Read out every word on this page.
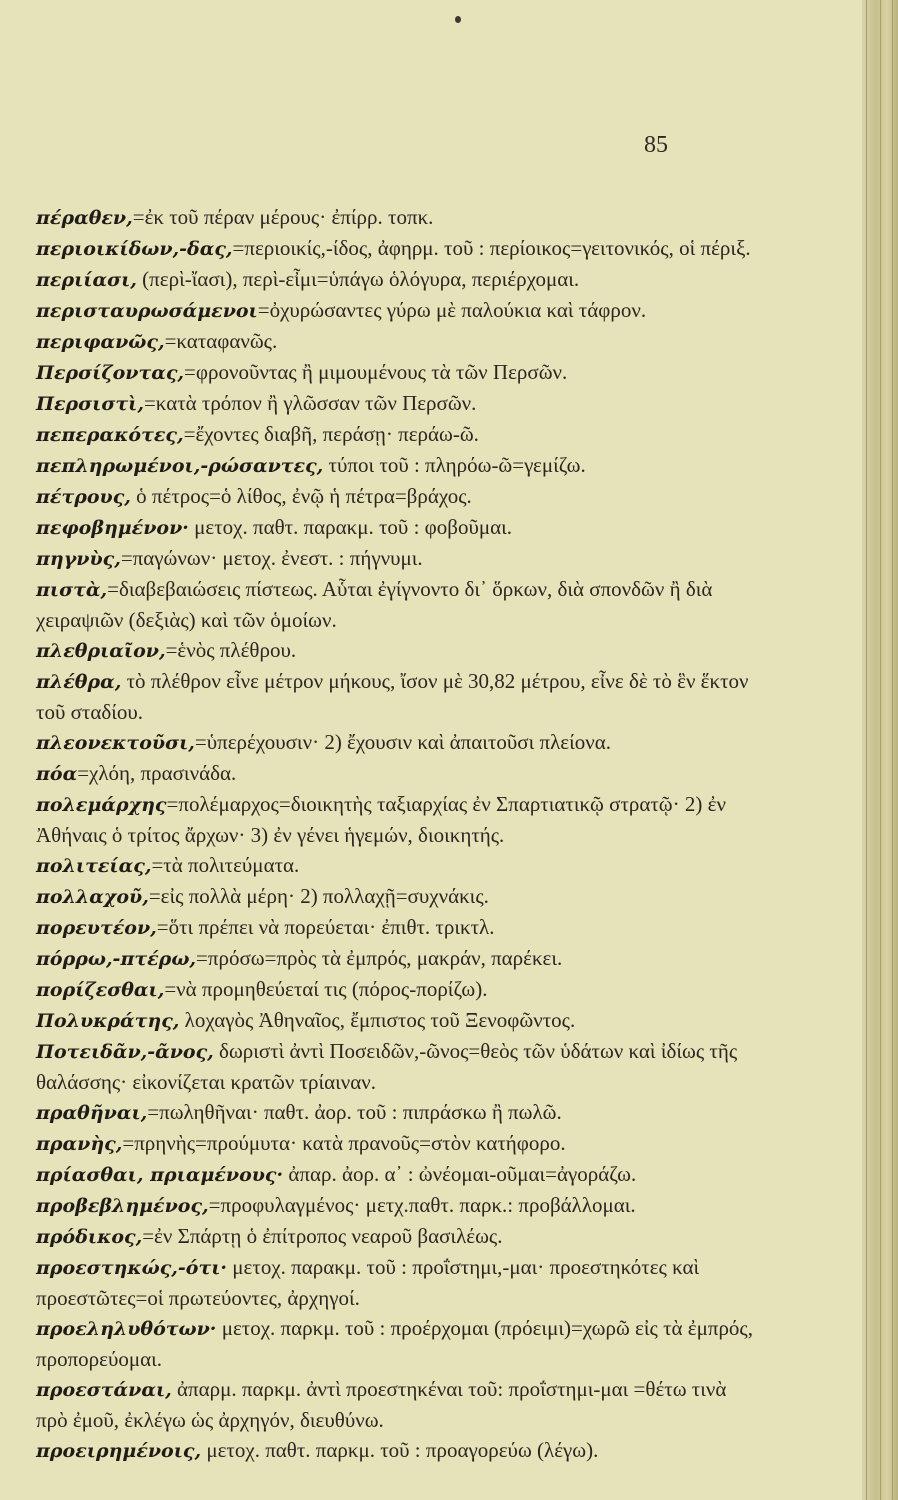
85

πέραθεν,=ἐκ τοῦ πέραν μέρους· ἐπίρρ. τοπκ.

περιοικίδων,-δας,=περιοικίς,-ίδος, ἀφηρμ. τοῦ : περίοικος=γειτονικός, οἱ πέριξ.

περιίασι, (περὶ-ἴασι), περὶ-εἶμι=ὑπάγω ὁλόγυρα, περιέρχομαι.

περισταυρωσάμενοι=ὀχυρώσαντες γύρω μὲ παλούκια καὶ τάφρον.

περιφανῶς,=καταφανῶς.

Περσίζοντας,=φρονοῦντας ἢ μιμουμένους τὰ τῶν Περσῶν.

Περσιστὶ,=κατὰ τρόπον ἢ γλῶσσαν τῶν Περσῶν.

πεπερακότες,=ἔχοντες διαβῆ, περάσῃ· περάω-ῶ.

πεπληρωμένοι,-ρώσαντες, τύποι τοῦ : πληρόω-ῶ=γεμίζω.

πέτρους, ὁ πέτρος=ὁ λίθος, ἐνῷ ἡ πέτρα=βράχος.

πεφοβημένον· μετοχ. παθτ. παρακμ. τοῦ : φοβοῦμαι.

πηγνὺς,=παγώνων· μετοχ. ἐνεστ. : πήγνυμι.

πιστὰ,=διαβεβαιώσεις πίστεως. Αὗται ἐγίγνοντο δι᾿ ὅρκων, διὰ σπονδῶν ἢ διὰ χειραψιῶν (δεξιὰς) καὶ τῶν ὁμοίων.

πλεθριαῖον,=ἑνὸς πλέθρου.

πλέθρα, τὸ πλέθρον εἶνε μέτρον μήκους, ἴσον μὲ 30,82 μέτρου, εἶνε δὲ τὸ ἓν ἕκτον τοῦ σταδίου.

πλεονεκτοῦσι,=ὑπερέχουσιν· 2) ἔχουσιν καὶ ἀπαιτοῦσι πλείονα.

πόα=χλόη, πρασινάδα.

πολεμάρχης=πολέμαρχος=διοικητὴς ταξιαρχίας ἐν Σπαρτιατικῷ στρατῷ· 2) ἐν Ἀθήναις ὁ τρίτος ἄρχων· 3) ἐν γένει ἡγεμών, διοικητής.

πολιτείας,=τὰ πολιτεύματα.

πολλαχοῦ,=εἰς πολλὰ μέρη· 2) πολλαχῇ=συχνάκις.

πορευτέον,=ὅτι πρέπει νὰ πορεύεται· ἐπιθτ. τρικτλ.

πόρρω,-πτέρω,=πρόσω=πρὸς τὰ ἐμπρός, μακράν, παρέκει.

πορίζεσθαι,=νὰ προμηθεύεταί τις (πόρος-πορίζω).

Πολυκράτης, λοχαγὸς Ἀθηναῖος, ἔμπιστος τοῦ Ξενοφῶντος.

Ποτειδᾶν,-ᾶνος, δωριστὶ ἀντὶ Ποσειδῶν,-ῶνος=θεὸς τῶν ὑδάτων καὶ ἰδίως τῆς θαλάσσης· εἰκονίζεται κρατῶν τρίαιναν.

πραθῆναι,=πωληθῆναι· παθτ. ἀορ. τοῦ : πιπράσκω ἢ πωλῶ.

πρανὴς,=πρηνὴς=προύμυτα· κατὰ πρανοῦς=στὸν κατήφορο.

πρίασθαι, πριαμένους· ἀπαρ. ἀορ. α᾿ : ὠνέομαι-οῦμαι=ἀγοράζω.

προβεβλημένος,=προφυλαγμένος· μετχ.παθτ. παρκ.: προβάλλομαι.

πρόδικος,=ἐν Σπάρτῃ ὁ ἐπίτροπος νεαροῦ βασιλέως.

προεστηκώς,-ότι· μετοχ. παρακμ. τοῦ : προΐστημι,-μαι· προεστηκότες καὶ προεστῶτες=οἱ πρωτεύοντες, ἀρχηγοί.

προεληλυθότων· μετοχ. παρκμ. τοῦ : προέρχομαι (πρόειμι)=χωρῶ εἰς τὰ ἐμπρός, προπορεύομαι.

προεστάναι, ἀπαρμ. παρκμ. ἀντὶ προεστηκέναι τοῦ: προΐστημι-μαι =θέτω τινὰ πρὸ ἐμοῦ, ἐκλέγω ὡς ἀρχηγόν, διευθύνω.

προειρημένοις, μετοχ. παθτ. παρκμ. τοῦ : προαγορεύω (λέγω).
